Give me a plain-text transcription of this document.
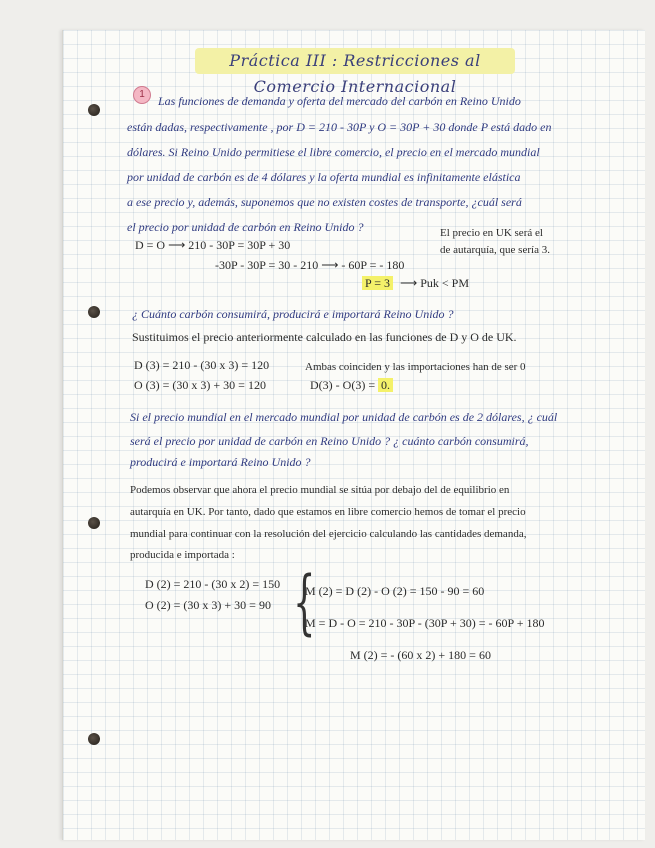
Práctica III : Restricciones al Comercio Internacional
1	Las funciones de demanda y oferta del mercado del carbón en Reino Unido
están dadas, respectivamente , por D = 210 - 30P y O = 30P + 30 donde P está dado en
dólares. Si Reino Unido permitiese el libre comercio, el precio en el mercado mundial
por unidad de carbón es de 4 dólares y la oferta mundial es infinitamente elástica
a ese precio y, además, suponemos que no existen costes de transporte, ¿cuál será
el precio por unidad de carbón en Reino Unido ?
D = O ⟶ 210 - 30P = 30P + 30
-30P - 30P = 30 - 210 ⟶ - 60P = - 180
El precio en UK será el
de autarquía, que sería 3.
P = 3 ⟶ Puk < PM
¿ Cuánto carbón consumirá, producirá e importará Reino Unido ?
Sustituimos el precio anteriormente calculado en las funciones de D y O de UK.
D (3) = 210 - (30 x 3) = 120
O (3) = (30 x 3) + 30 = 120
Ambas coinciden y las importaciones han de ser 0
D(3) - O(3) = 0.
Si el precio mundial en el mercado mundial por unidad de carbón es de 2 dólares, ¿ cuál
será el precio por unidad de carbón en Reino Unido ? ¿ cuánto carbón consumirá,
producirá e importará Reino Unido ?
Podemos observar que ahora el precio mundial se sitúa por debajo del de equilibrio en
autarquía en UK. Por tanto, dado que estamos en libre comercio hemos de tomar el precio
mundial para continuar con la resolución del ejercicio calculando las cantidades demanda,
producida e importada :
D (2) = 210 - (30 x 2) = 150
O (2) = (30 x 3) + 30 = 90 {
M (2) = D (2) - O (2) = 150 - 90 = 60
M = D - O = 210 - 30P - (30P + 30) = - 60P + 180
M (2) = - (60 x 2) + 180 = 60
